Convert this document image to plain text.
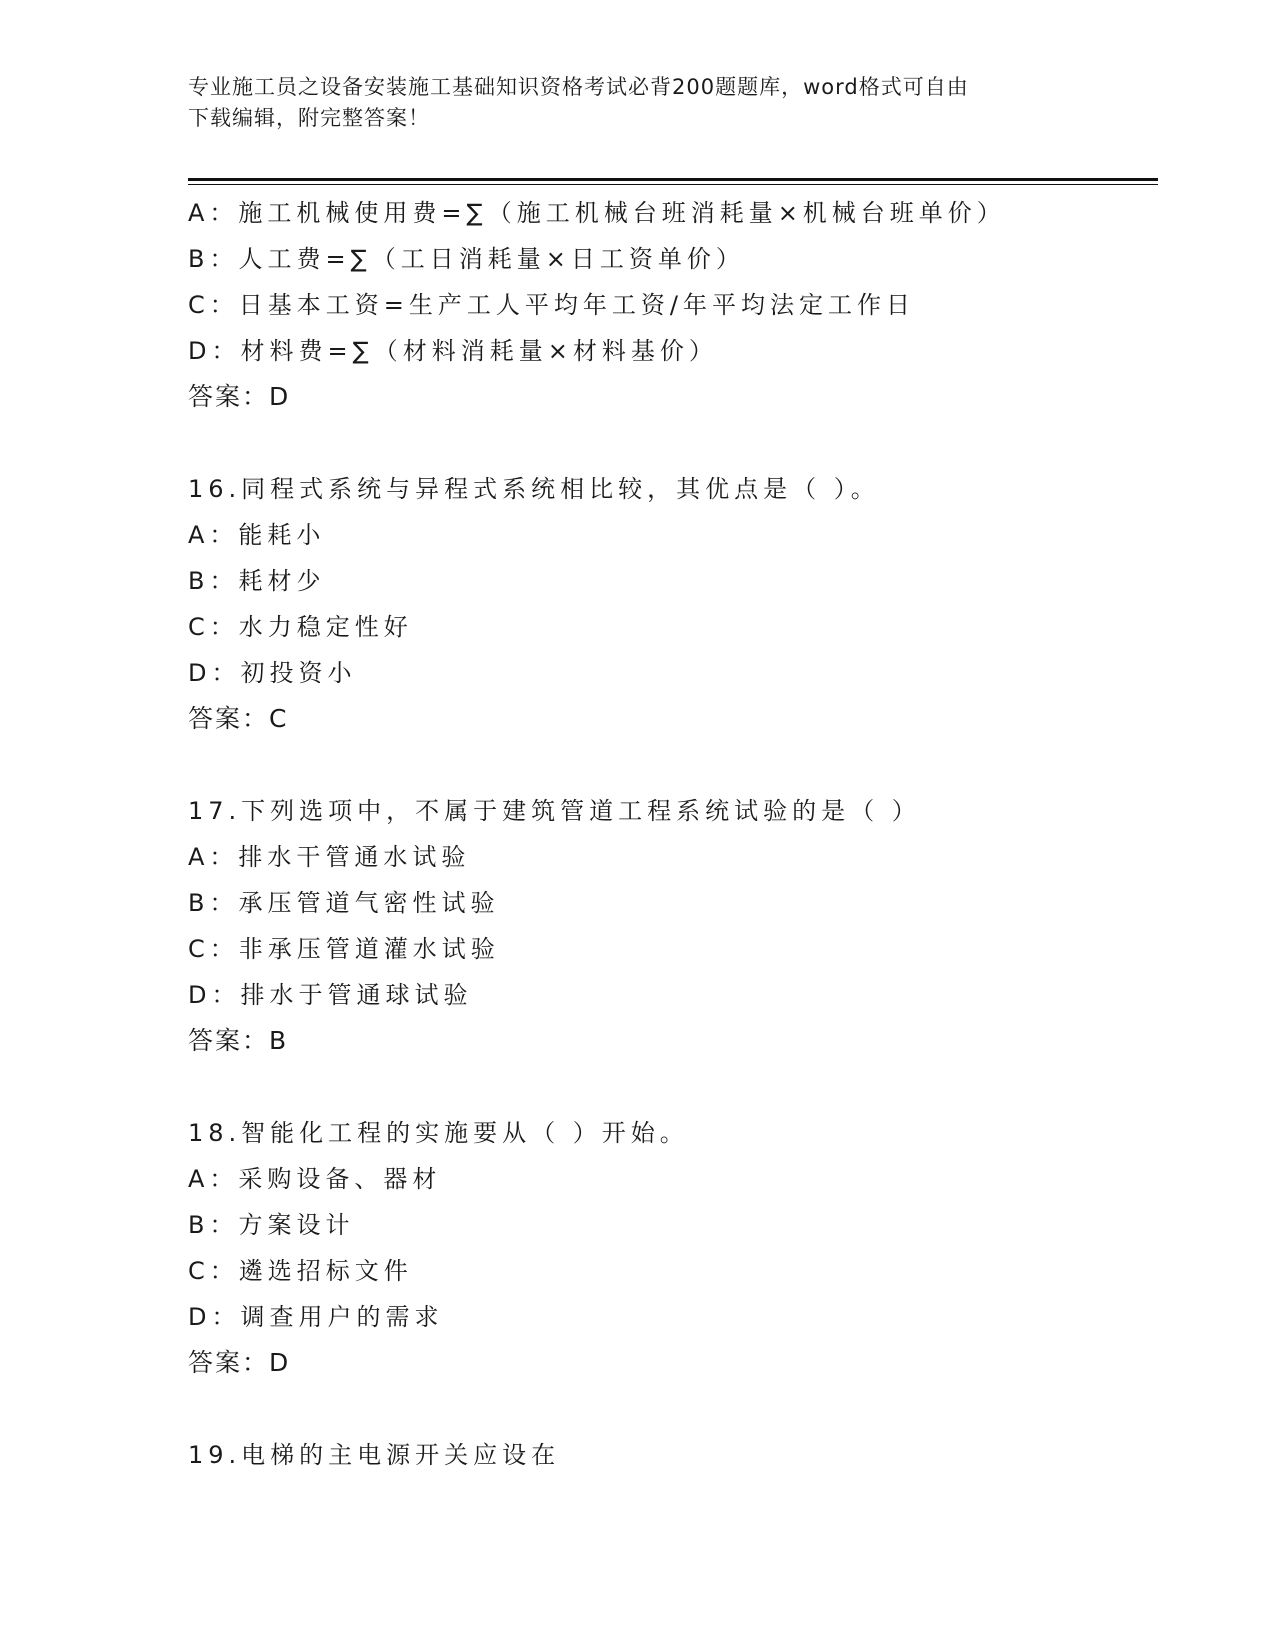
专业施工员之设备安装施工基础知识资格考试必背200题题库，word格式可自由
下载编辑，附完整答案！
A：施工机械使用费=∑（施工机械台班消耗量×机械台班单价）
B：人工费=∑（工日消耗量×日工资单价）
C：日基本工资=生产工人平均年工资/年平均法定工作日
D：材料费=∑（材料消耗量×材料基价）
答案：D
16.同程式系统与异程式系统相比较，其优点是（ ）。
A：能耗小
B：耗材少
C：水力稳定性好
D：初投资小
答案：C
17.下列选项中，不属于建筑管道工程系统试验的是（ ）
A：排水干管通水试验
B：承压管道气密性试验
C：非承压管道灌水试验
D：排水于管通球试验
答案：B
18.智能化工程的实施要从（ ）开始。
A：采购设备、器材
B：方案设计
C：遴选招标文件
D：调查用户的需求
答案：D
19.电梯的主电源开关应设在
